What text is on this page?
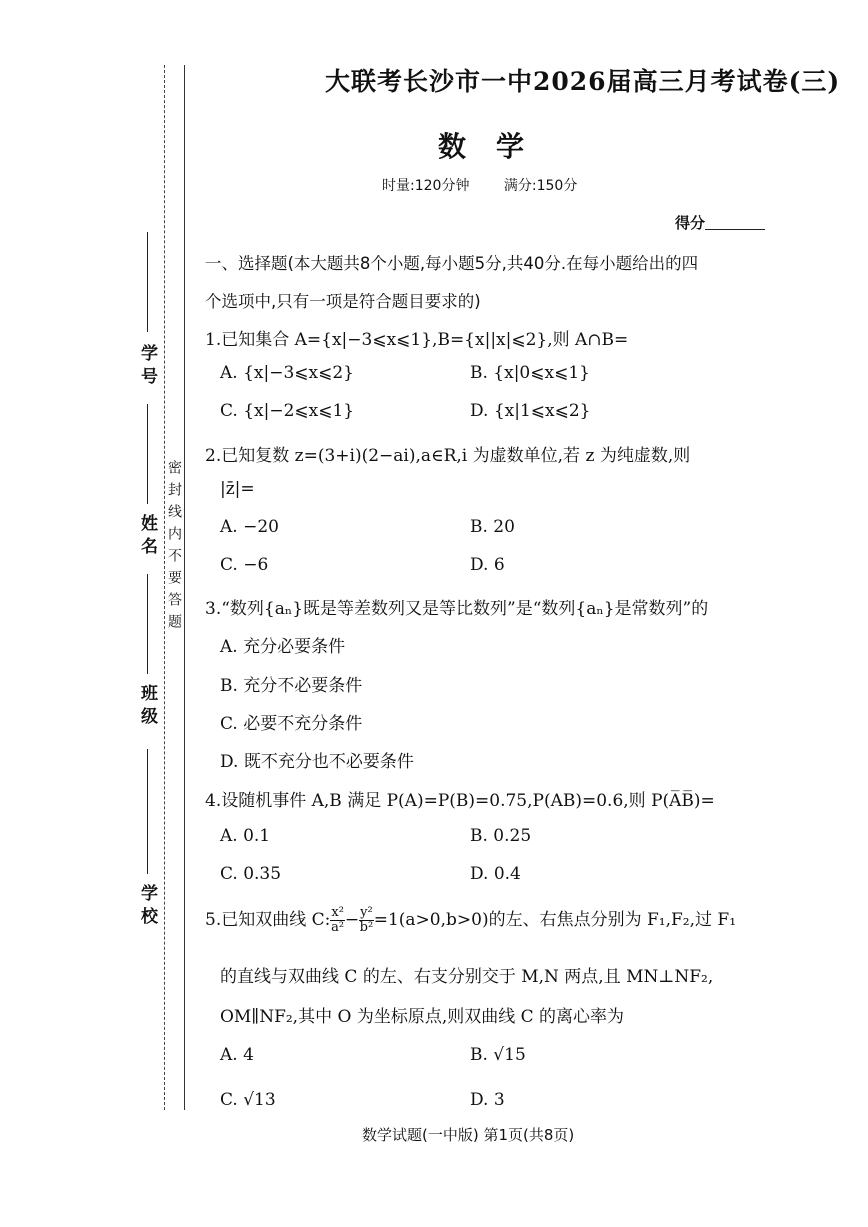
学号
姓名
班级
学校
密封线内不要答题
大联考长沙市一中2026届高三月考试卷(三)
数学
时量:120分钟 满分:150分
得分
一、选择题(本大题共8个小题,每小题5分,共40分.在每小题给出的四
个选项中,只有一项是符合题目要求的)
1.已知集合 A={x|−3⩽x⩽1},B={x||x|⩽2},则 A∩B=
A. {x|−3⩽x⩽2}	B. {x|0⩽x⩽1}
C. {x|−2⩽x⩽1}	D. {x|1⩽x⩽2}
2.已知复数 z=(3+i)(2−ai),a∈R,i 为虚数单位,若 z 为纯虚数,则
|z̄|=
A. −20	B. 20
C. −6	D. 6
3.“数列{aₙ}既是等差数列又是等比数列”是“数列{aₙ}是常数列”的
A. 充分必要条件
B. 充分不必要条件
C. 必要不充分条件
D. 既不充分也不必要条件
4.设随机事件 A,B 满足 P(A)=P(B)=0.75,P(AB)=0.6,则 P(A̅B̅)=
A. 0.1	B. 0.25
C. 0.35	D. 0.4
5.已知双曲线 C: $\frac{\text{x²}}{\text{a²}} - \frac{\text{y²}}{\text{b²}} =1(a>0,b>0)$的左、右焦点分别为 F₁,F₂,过 F₁
的直线与双曲线 C 的左、右支分别交于 M,N 两点,且 MN⊥NF₂,
OM∥NF₂,其中 O 为坐标原点,则双曲线 C 的离心率为
A. 4	B. √15
C. √13	D. 3
数学试题(一中版) 第1页(共8页)
